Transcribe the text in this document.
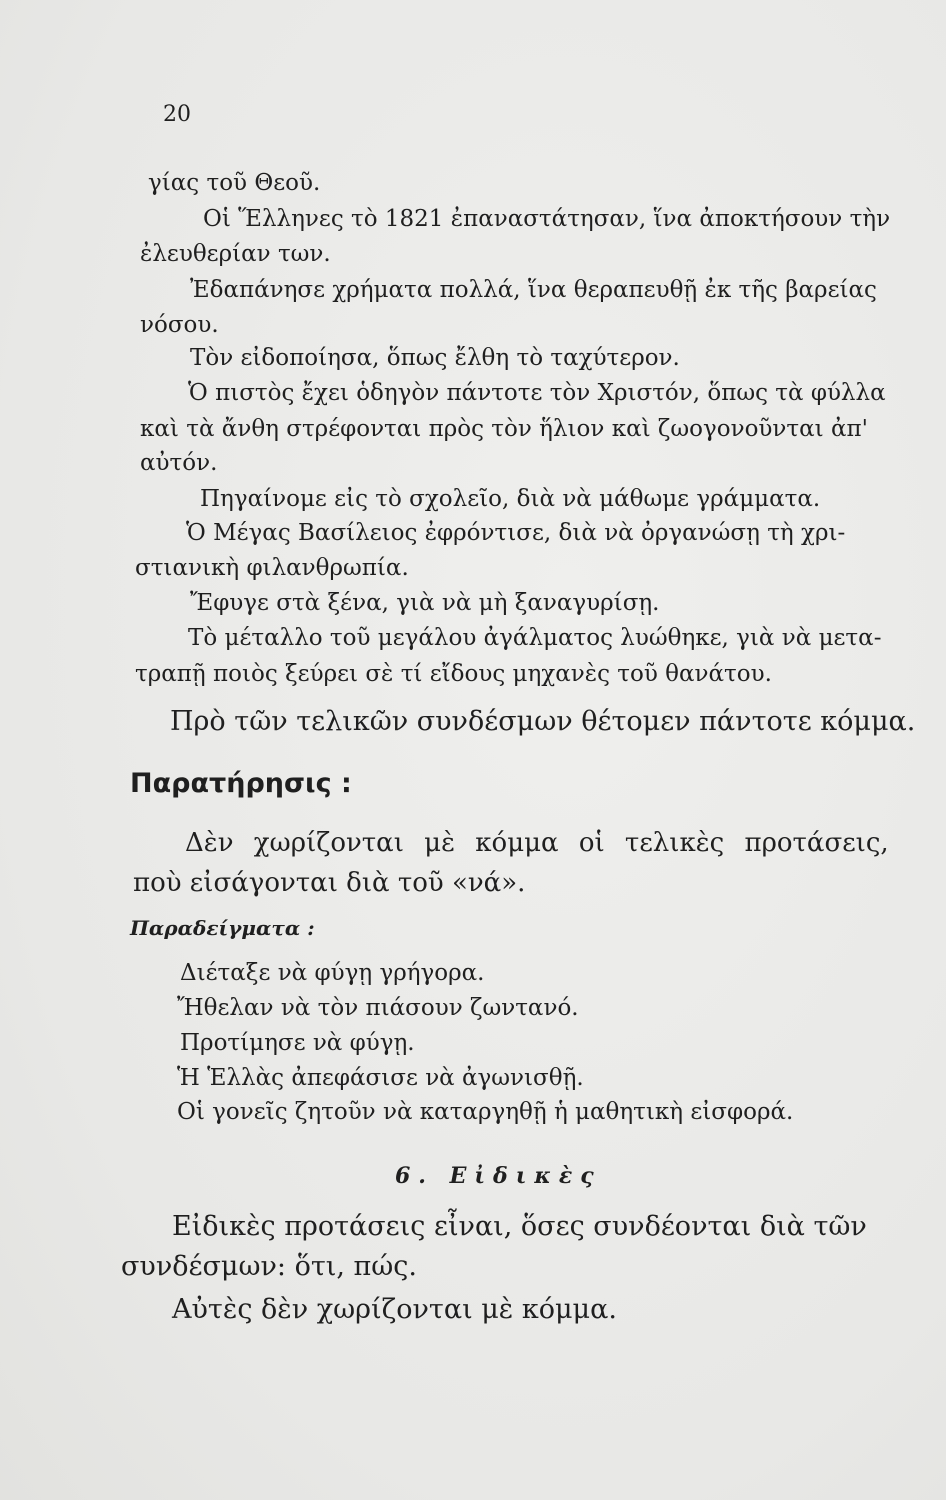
20
γίας τοῦ Θεοῦ.
Οἱ Ἕλληνες τὸ 1821 ἐπαναστάτησαν, ἵνα ἀποκτήσουν τὴν
ἐλευθερίαν των.
Ἐδαπάνησε χρήματα πολλά, ἵνα θεραπευθῇ ἐκ τῆς βαρείας
νόσου.
Τὸν εἰδοποίησα, ὅπως ἔλθη τὸ ταχύτερον.
Ὁ πιστὸς ἔχει ὁδηγὸν πάντοτε τὸν Χριστόν, ὅπως τὰ φύλλα
καὶ τὰ ἄνθη στρέφονται πρὸς τὸν ἥλιον καὶ ζωογονοῦνται ἀπ'
αὐτόν.
Πηγαίνομε εἰς τὸ σχολεῖο, διὰ νὰ μάθωμε γράμματα.
Ὁ Μέγας Βασίλειος ἐφρόντισε, διὰ νὰ ὀργανώσῃ τὴ χρι-
στιανικὴ φιλανθρωπία.
Ἔφυγε στὰ ξένα, γιὰ νὰ μὴ ξαναγυρίσῃ.
Τὸ μέταλλο τοῦ μεγάλου ἀγάλματος λυώθηκε, γιὰ νὰ μετα-
τραπῇ ποιὸς ξεύρει σὲ τί εἴδους μηχανὲς τοῦ θανάτου.
Πρὸ τῶν τελικῶν συνδέσμων θέτομεν πάντοτε κόμμα.
Παρατήρησις :
Δὲν χωρίζονται μὲ κόμμα οἱ τελικὲς προτάσεις,
ποὺ εἰσάγονται διὰ τοῦ «νά».
Παραδείγματα :
Διέταξε νὰ φύγῃ γρήγορα.
Ἤθελαν νὰ τὸν πιάσουν ζωντανό.
Προτίμησε νὰ φύγῃ.
Ἡ Ἑλλὰς ἀπεφάσισε νὰ ἀγωνισθῇ.
Οἱ γονεῖς ζητοῦν νὰ καταργηθῇ ἡ μαθητικὴ εἰσφορά.
6. Εἰδικὲς
Εἰδικὲς προτάσεις εἶναι, ὅσες συνδέονται διὰ τῶν
συνδέσμων: ὅτι, πώς.
Αὐτὲς δὲν χωρίζονται μὲ κόμμα.
